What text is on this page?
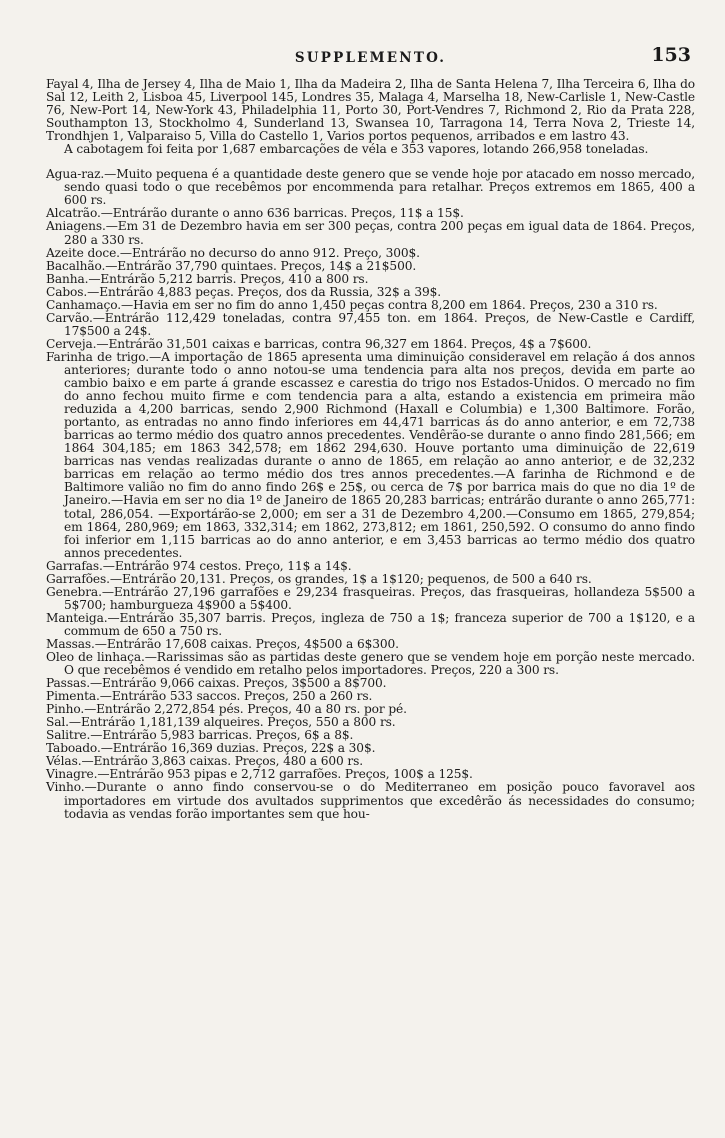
SUPPLEMENTO.	153

Fayal 4, Ilha de Jersey 4, Ilha de Maio 1, Ilha da Madeira 2, Ilha de Santa Helena 7, Ilha Terceira 6, Ilha do Sal 12, Leith 2, Lisboa 45, Liverpool 145, Londres 35, Malaga 4, Marselha 18, New-Carlisle 1, New-Castle 76, New-Port 14, New-York 43, Philadelphia 11, Porto 30, Port-Vendres 7, Richmond 2, Rio da Prata 228, Southampton 13, Stockholmo 4, Sunderland 13, Swansea 10, Tarragona 14, Terra Nova 2, Trieste 14, Trondhjen 1, Valparaiso 5, Villa do Castello 1, Varios portos pequenos, arribados e em lastro 43.

A cabotagem foi feita por 1,687 embarcações de véla e 353 vapores, lotando 266,958 toneladas.

Agua-raz.—Muito pequena é a quantidade deste genero que se vende hoje por atacado em nosso mercado, sendo quasi todo o que recebêmos por encommenda para retalhar. Preços extremos em 1865, 400 a 600 rs.

Alcatrão.—Entrárão durante o anno 636 barricas. Preços, 11$ a 15$.

Aniagens.—Em 31 de Dezembro havia em ser 300 peças, contra 200 peças em igual data de 1864. Preços, 280 a 330 rs.

Azeite doce.—Entrárão no decurso do anno 912. Preço, 300$.

Bacalhão.—Entrárão 37,790 quintaes. Preços, 14$ a 21$500.

Banha.—Entrárão 5,212 barris. Preços, 410 a 800 rs.

Cabos.—Entrárão 4,883 peças. Preços, dos da Russia, 32$ a 39$.

Canhamaço.—Havia em ser no fim do anno 1,450 peças contra 8,200 em 1864. Preços, 230 a 310 rs.

Carvão.—Entrárão 112,429 toneladas, contra 97,455 ton. em 1864. Preços, de New-Castle e Cardiff, 17$500 a 24$.

Cerveja.—Entrárão 31,501 caixas e barricas, contra 96,327 em 1864. Preços, 4$ a 7$600.

Farinha de trigo.—A importação de 1865 apresenta uma diminuição consideravel em relação á dos annos anteriores; durante todo o anno notou-se uma tendencia para alta nos preços, devida em parte ao cambio baixo e em parte á grande escassez e carestia do trigo nos Estados-Unidos. O mercado no fim do anno fechou muito firme e com tendencia para a alta, estando a existencia em primeira mão reduzida a 4,200 barricas, sendo 2,900 Richmond (Haxall e Columbia) e 1,300 Baltimore. Forão, portanto, as entradas no anno findo inferiores em 44,471 barricas ás do anno anterior, e em 72,738 barricas ao termo médio dos quatro annos precedentes. Vendêrão-se durante o anno findo 281,566; em 1864 304,185; em 1863 342,578; em 1862 294,630. Houve portanto uma diminuição de 22,619 barricas nas vendas realizadas durante o anno de 1865, em relação ao anno anterior, e de 32,232 barricas em relação ao termo médio dos tres annos precedentes.—A farinha de Richmond e de Baltimore valião no fim do anno findo 26$ e 25$, ou cerca de 7$ por barrica mais do que no dia 1º de Janeiro.—Havia em ser no dia 1º de Janeiro de 1865 20,283 barricas; entrárão durante o anno 265,771: total, 286,054. —Exportárão-se 2,000; em ser a 31 de Dezembro 4,200.—Consumo em 1865, 279,854; em 1864, 280,969; em 1863, 332,314; em 1862, 273,812; em 1861, 250,592. O consumo do anno findo foi inferior em 1,115 barricas ao do anno anterior, e em 3,453 barricas ao termo médio dos quatro annos precedentes.

Garrafas.—Entrárão 974 cestos. Preço, 11$ a 14$.

Garrafões.—Entrárão 20,131. Preços, os grandes, 1$ a 1$120; pequenos, de 500 a 640 rs.

Genebra.—Entrárão 27,196 garrafões e 29,234 frasqueiras. Preços, das frasqueiras, hollandeza 5$500 a 5$700; hamburgueza 4$900 a 5$400.

Manteiga.—Entrárão 35,307 barris. Preços, ingleza de 750 a 1$; franceza superior de 700 a 1$120, e a commum de 650 a 750 rs.

Massas.—Entrárão 17,608 caixas. Preços, 4$500 a 6$300.

Oleo de linhaça.—Rarissimas são as partidas deste genero que se vendem hoje em porção neste mercado. O que recebêmos é vendido em retalho pelos importadores. Preços, 220 a 300 rs.

Passas.—Entrárão 9,066 caixas. Preços, 3$500 a 8$700.

Pimenta.—Entrárão 533 saccos. Preços, 250 a 260 rs.

Pinho.—Entrárão 2,272,854 pés. Preços, 40 a 80 rs. por pé.

Sal.—Entrárão 1,181,139 alqueires. Preços, 550 a 800 rs.

Salitre.—Entrárão 5,983 barricas. Preços, 6$ a 8$.

Taboado.—Entrárão 16,369 duzias. Preços, 22$ a 30$.

Vélas.—Entrárão 3,863 caixas. Preços, 480 a 600 rs.

Vinagre.—Entrárão 953 pipas e 2,712 garrafões. Preços, 100$ a 125$.

Vinho.—Durante o anno findo conservou-se o do Mediterraneo em posição pouco favoravel aos importadores em virtude dos avultados supprimentos que excedêrão ás necessidades do consumo; todavia as vendas forão importantes sem que hou-
